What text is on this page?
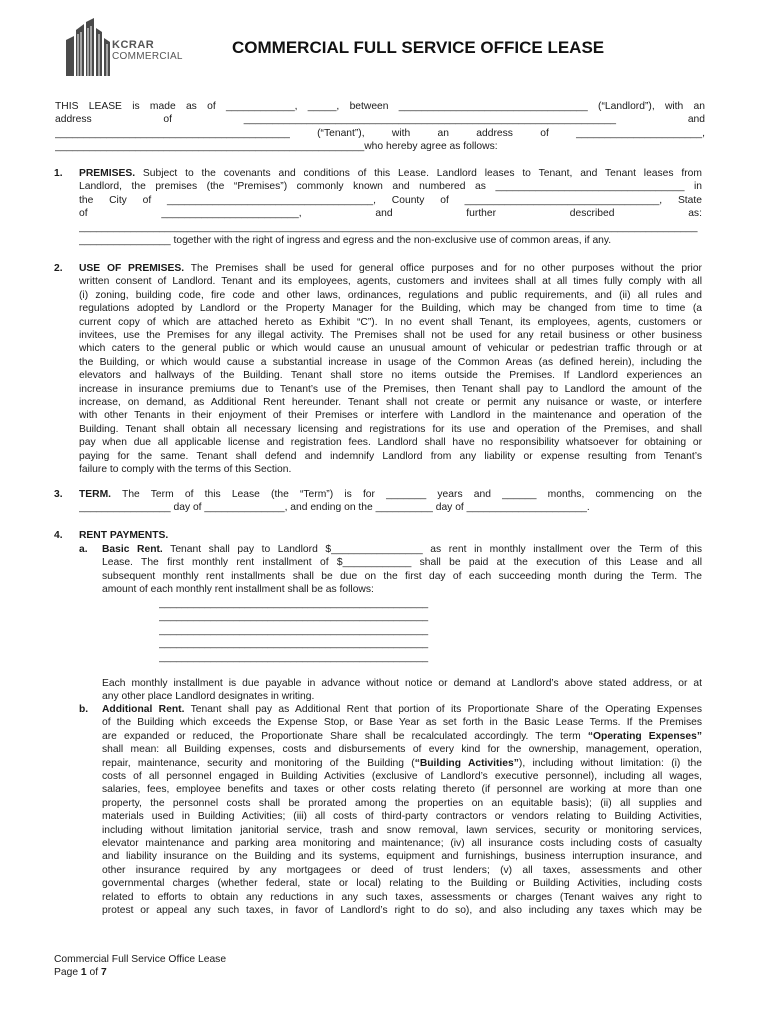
KCRAR
COMMERCIAL	COMMERCIAL FULL SERVICE OFFICE LEASE
THIS LEASE is made as of ____________, _____, between _________________________________ (“Landlord”), with an
address	of	_________________________________________________________________	and
_________________________________________ (“Tenant”), with an address of ______________________,
______________________________________________________who hereby agree as follows:
1. PREMISES. Subject to the covenants and conditions of this Lease. Landlord leases to Tenant, and Tenant leases from
Landlord, the premises (the “Premises”) commonly known and numbered as _________________________________ in
the City of ____________________________________, County of __________________________________, State
of	________________________,	and	further	described	as:
____________________________________________________________________________________________________________
________________ together with the right of ingress and egress and the non-exclusive use of common areas, if any.
2. USE OF PREMISES. The Premises shall be used for general office purposes and for no other purposes without the prior
written consent of Landlord. Tenant and its employees, agents, customers and invitees shall at all times fully comply with all
(i) zoning, building code, fire code and other laws, ordinances, regulations and public requirements, and (ii) all rules and
regulations adopted by Landlord or the Property Manager for the Building, which may be changed from time to time (a
current copy of which are attached hereto as Exhibit “C”). In no event shall Tenant, its employees, agents, customers or
invitees, use the Premises for any illegal activity. The Premises shall not be used for any retail business or other business
which caters to the general public or which would cause an unusual amount of vehicular or pedestrian traffic through or at
the Building, or which would cause a substantial increase in usage of the Common Areas (as defined herein), including the
elevators and hallways of the Building. Tenant shall store no items outside the Premises. If Landlord experiences an
increase in insurance premiums due to Tenant’s use of the Premises, then Tenant shall pay to Landlord the amount of the
increase, on demand, as Additional Rent hereunder. Tenant shall not create or permit any nuisance or waste, or interfere
with other Tenants in their enjoyment of their Premises or interfere with Landlord in the maintenance and operation of the
Building. Tenant shall obtain all necessary licensing and registrations for its use and operation of the Premises, and shall
pay when due all applicable license and registration fees. Landlord shall have no responsibility whatsoever for obtaining or
paying for the same. Tenant shall defend and indemnify Landlord from any liability or expense resulting from Tenant’s
failure to comply with the terms of this Section.
3. TERM. The Term of this Lease (the “Term”) is for _______ years and ______ months, commencing on the
________________ day of ______________, and ending on the __________ day of _____________________.
4. RENT PAYMENTS.
a. Basic Rent. Tenant shall pay to Landlord $________________ as rent in monthly installment over the Term of this
Lease. The first monthly rent installment of $____________ shall be paid at the execution of this Lease and all
subsequent monthly rent installments shall be due on the first day of each succeeding month during the Term. The
amount of each monthly rent installment shall be as follows:
_______________________________________________
_______________________________________________
_______________________________________________
_______________________________________________
_______________________________________________
Each monthly installment is due payable in advance without notice or demand at Landlord’s above stated address, or at
any other place Landlord designates in writing.
b. Additional Rent. Tenant shall pay as Additional Rent that portion of its Proportionate Share of the Operating Expenses
of the Building which exceeds the Expense Stop, or Base Year as set forth in the Basic Lease Terms. If the Premises
are expanded or reduced, the Proportionate Share shall be recalculated accordingly. The term “Operating Expenses”
shall mean: all Building expenses, costs and disbursements of every kind for the ownership, management, operation,
repair, maintenance, security and monitoring of the Building (“Building Activities”), including without limitation: (i) the
costs of all personnel engaged in Building Activities (exclusive of Landlord’s executive personnel), including all wages,
salaries, fees, employee benefits and taxes or other costs relating thereto (if personnel are working at more than one
property, the personnel costs shall be prorated among the properties on an equitable basis); (ii) all supplies and
materials used in Building Activities; (iii) all costs of third-party contractors or vendors relating to Building Activities,
including without limitation janitorial service, trash and snow removal, lawn services, security or monitoring services,
elevator maintenance and parking area monitoring and maintenance; (iv) all insurance costs including costs of casualty
and liability insurance on the Building and its systems, equipment and furnishings, business interruption insurance, and
other insurance required by any mortgagees or deed of trust lenders; (v) all taxes, assessments and other
governmental charges (whether federal, state or local) relating to the Building or Building Activities, including costs
related to efforts to obtain any reductions in any such taxes, assessments or charges (Tenant waives any right to
protest or appeal any such taxes, in favor of Landlord’s right to do so), and also including any taxes which may be
Commercial Full Service Office Lease
Page 1 of 7
